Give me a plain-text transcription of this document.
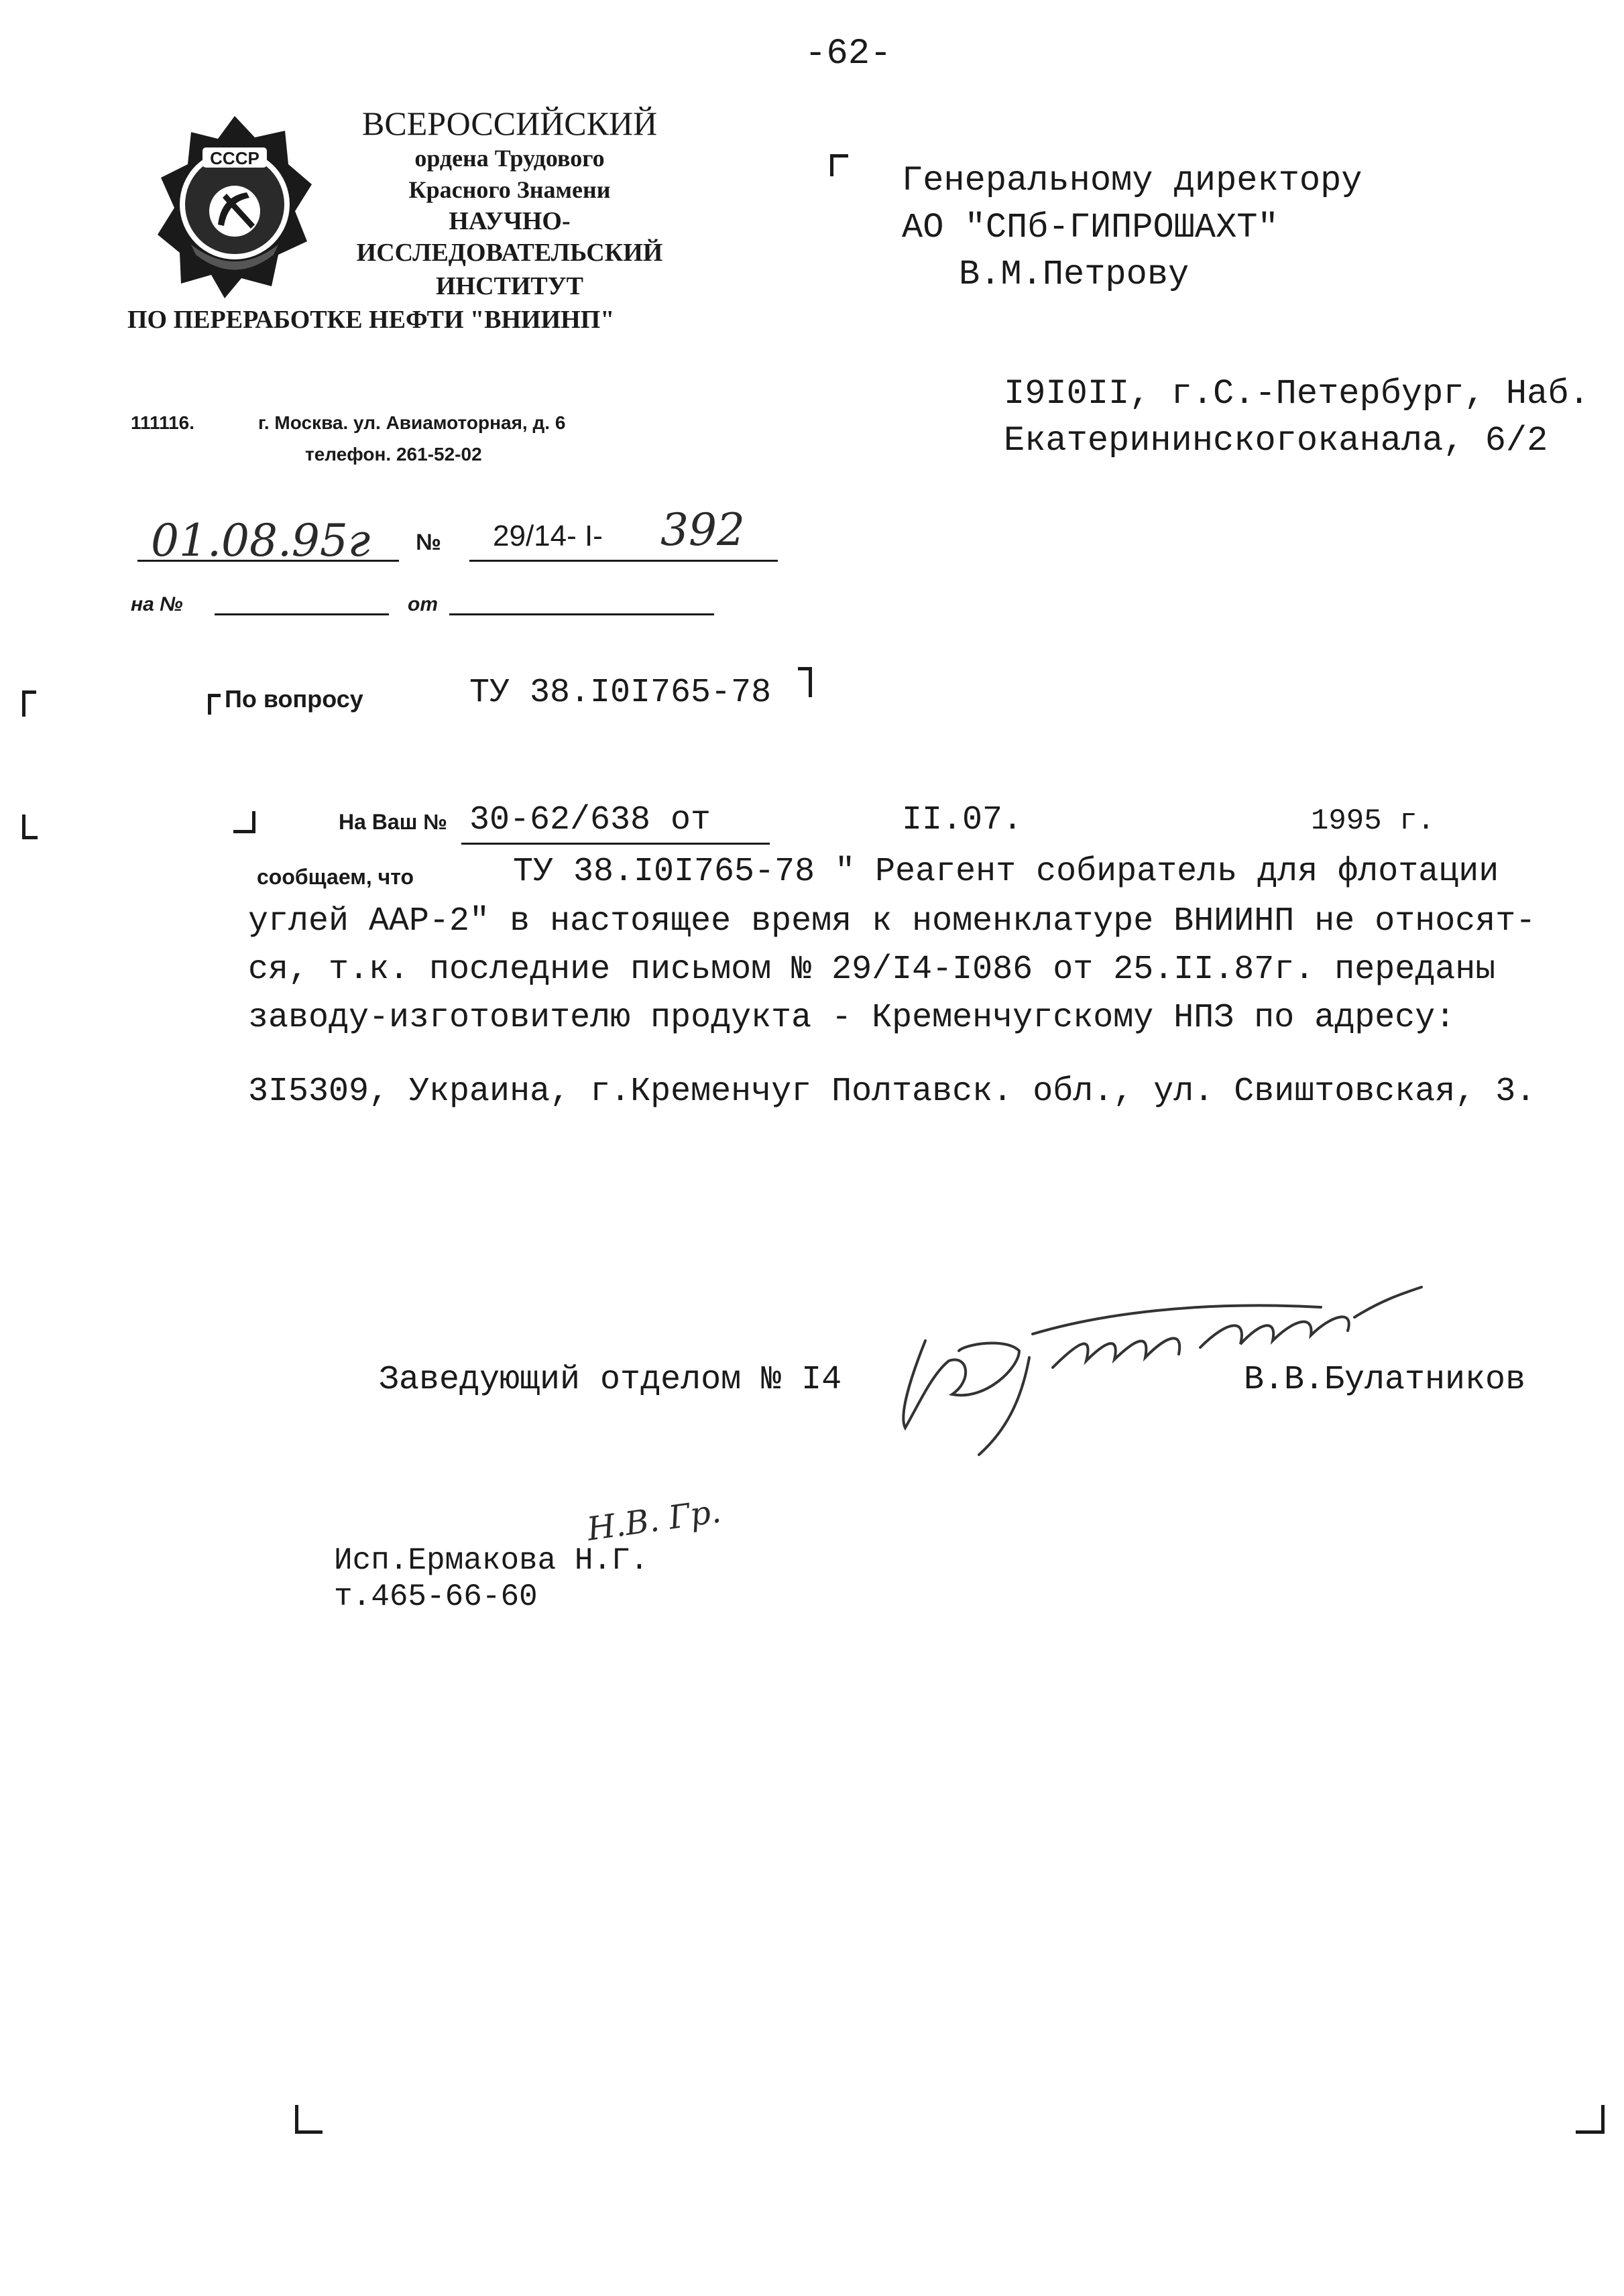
-62-
СССР
ВСЕРОССИЙСКИЙ
ордена Трудового
Красного Знамени
НАУЧНО-
ИССЛЕДОВАТЕЛЬСКИЙ
ИНСТИТУТ
ПО ПЕРЕРАБОТКЕ НЕФТИ "ВНИИНП"
111116.	г. Москва. ул. Авиамоторная, д. 6
телефон. 261-52-02
01.08.95г № 29/14- I- 392
на №	от
По вопросу	ТУ 38.I0I765-78
Генеральному директору
АО "СПб-ГИПРОШАХТ"
В.М.Петрову
I9I0II, г.С.-Петербург, Наб.
Екатерининскогоканала, 6/2
На Ваш № 30-62/638 от	II.07.	1995 г.
сообщаем, что	ТУ 38.I0I765-78 " Реагент собиратель для флотации
углей ААР-2" в настоящее время к номенклатуре ВНИИНП не относят-
ся, т.к. последние письмом № 29/I4-I086 от 25.II.87г. переданы
заводу-изготовителю продукта - Кременчугскому НПЗ по адресу:
3I5309, Украина, г.Кременчуг Полтавск. обл., ул. Свиштовская, 3.
Заведующий отделом № I4	В.В.Булатников
Н.В. Гр.
Исп.Ермакова Н.Г.
т.465-66-60
